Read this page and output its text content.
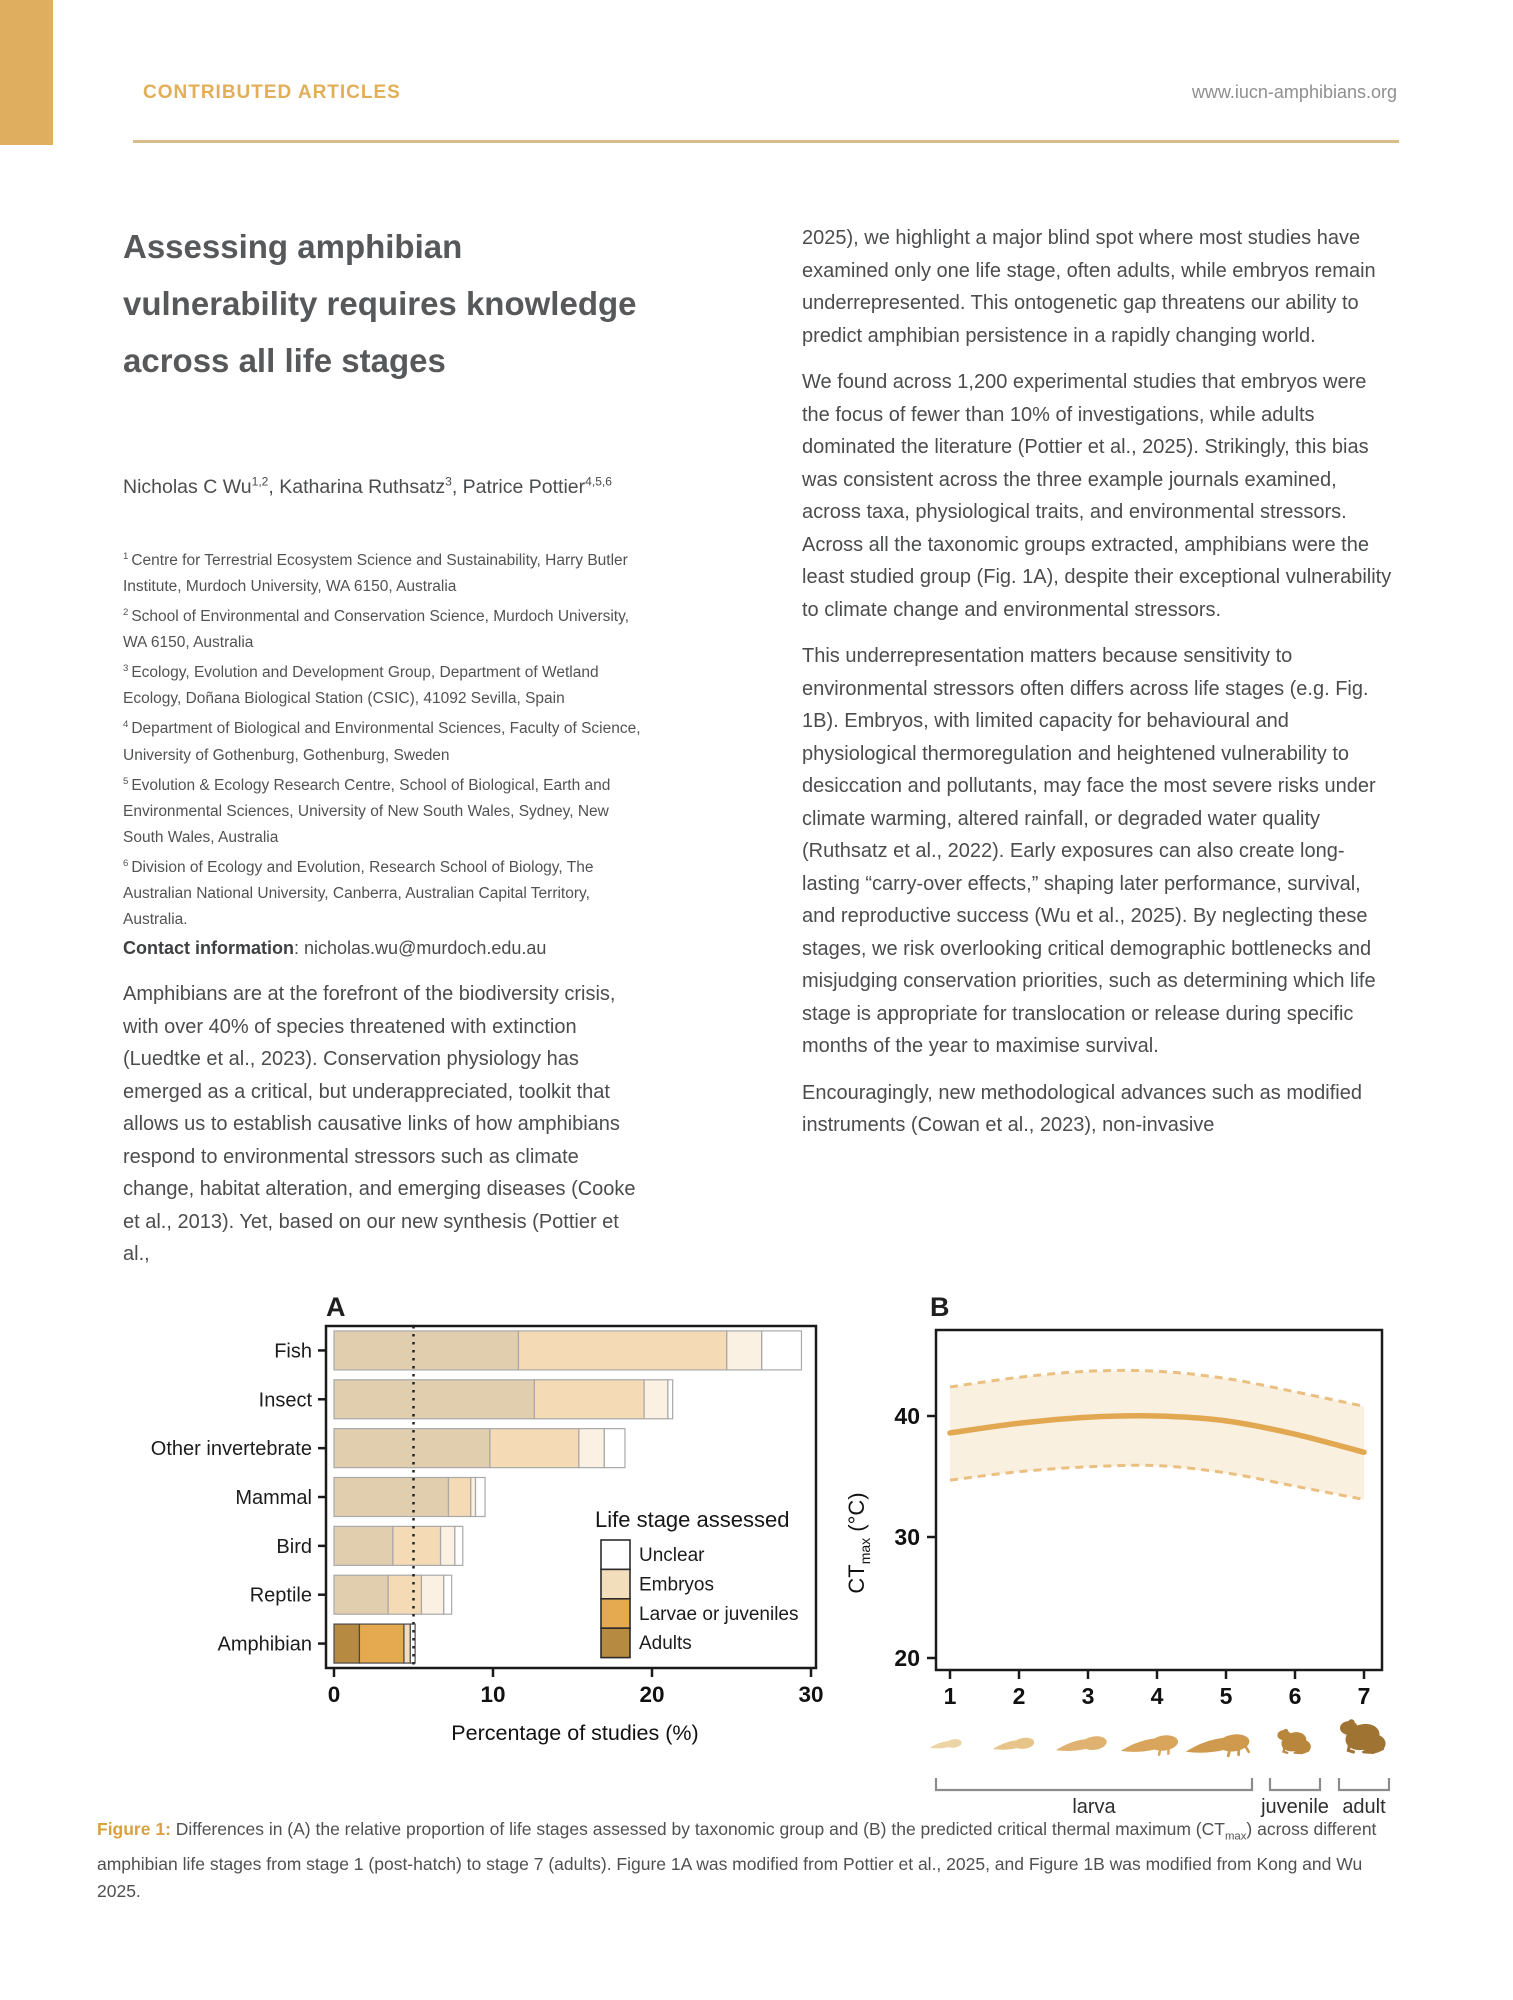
CONTRIBUTED ARTICLES	www.iucn-amphibians.org
Assessing amphibian vulnerability requires knowledge across all life stages

Nicholas C Wu$^{1,2}$, Katharina Ruthsatz$^3$, Patrice Pottier$^{4,5,6}$

$^1$ Centre for Terrestrial Ecosystem Science and Sustainability, Harry Butler Institute, Murdoch University, WA 6150, Australia

$^2$ School of Environmental and Conservation Science, Murdoch University, WA 6150, Australia

$^3$ Ecology, Evolution and Development Group, Department of Wetland Ecology, Doñana Biological Station (CSIC), 41092 Sevilla, Spain

$^4$ Department of Biological and Environmental Sciences, Faculty of Science, University of Gothenburg, Gothenburg, Sweden

$^5$ Evolution & Ecology Research Centre, School of Biological, Earth and Environmental Sciences, University of New South Wales, Sydney, New South Wales, Australia

$^6$ Division of Ecology and Evolution, Research School of Biology, The Australian National University, Canberra, Australian Capital Territory, Australia.

Contact information: nicholas.wu@murdoch.edu.au

Amphibians are at the forefront of the biodiversity crisis, with over 40% of species threatened with extinction (Luedtke et al., 2023). Conservation physiology has emerged as a critical, but underappreciated, toolkit that allows us to establish causative links of how amphibians respond to environmental stressors such as climate change, habitat alteration, and emerging diseases (Cooke et al., 2013). Yet, based on our new synthesis (Pottier et al.,

2025), we highlight a major blind spot where most studies have examined only one life stage, often adults, while embryos remain underrepresented. This ontogenetic gap threatens our ability to predict amphibian persistence in a rapidly changing world.

We found across 1,200 experimental studies that embryos were the focus of fewer than 10% of investigations, while adults dominated the literature (Pottier et al., 2025). Strikingly, this bias was consistent across the three example journals examined, across taxa, physiological traits, and environmental stressors. Across all the taxonomic groups extracted, amphibians were the least studied group (Fig. 1A), despite their exceptional vulnerability to climate change and environmental stressors.

This underrepresentation matters because sensitivity to environmental stressors often differs across life stages (e.g. Fig. 1B). Embryos, with limited capacity for behavioural and physiological thermoregulation and heightened vulnerability to desiccation and pollutants, may face the most severe risks under climate warming, altered rainfall, or degraded water quality (Ruthsatz et al., 2022). Early exposures can also create long-lasting “carry-over effects,” shaping later performance, survival, and reproductive success (Wu et al., 2025). By neglecting these stages, we risk overlooking critical demographic bottlenecks and misjudging conservation priorities, such as determining which life stage is appropriate for translocation or release during specific months of the year to maximise survival.

Encouragingly, new methodological advances such as modified instruments (Cowan et al., 2023), non-invasive

A
Fish
Insect
Other invertebrate
Mammal
Bird
Reptile
Amphibian
0	10	20	30
Percentage of studies (%)
Life stage assessed
Unclear
Embryos
Larvae or juveniles
Adults
B
20
30
40
1 2 3 4 5 6 7
CTmax (°C)
larva	juvenile adult

Figure 1: Differences in (A) the relative proportion of life stages assessed by taxonomic group and (B) the predicted critical thermal maximum $(CT_{max})$ across different amphibian life stages from stage 1 (post-hatch) to stage 7 (adults). Figure 1A was modified from Pottier et al., 2025, and Figure 1B was modified from Kong and Wu 2025.
